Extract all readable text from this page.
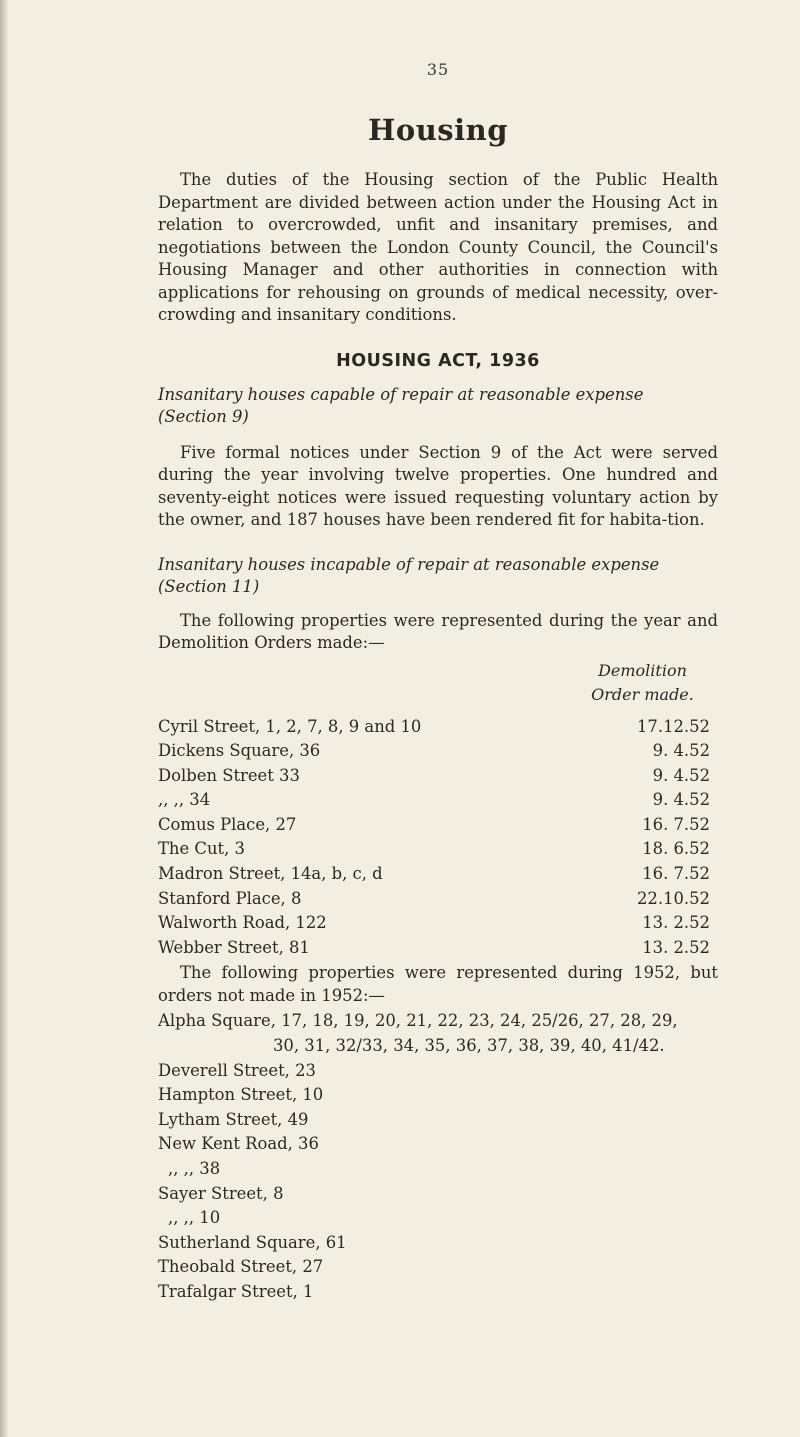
35
Housing

The duties of the Housing section of the Public Health Department are divided between action under the Housing Act in relation to overcrowded, unfit and insanitary premises, and negotiations between the London County Council, the Council's Housing Manager and other authorities in connection with applications for rehousing on grounds of medical necessity, over-crowding and insanitary conditions.

HOUSING ACT, 1936

Insanitary houses capable of repair at reasonable expense
(Section 9)

Five formal notices under Section 9 of the Act were served during the year involving twelve properties. One hundred and seventy-eight notices were issued requesting voluntary action by the owner, and 187 houses have been rendered fit for habita-tion.

Insanitary houses incapable of repair at reasonable expense
(Section 11)

The following properties were represented during the year and Demolition Orders made:—

Demolition
Order made.
Cyril Street, 1, 2, 7, 8, 9 and 10	17.12.52
Dickens Square, 36	9. 4.52
Dolben Street 33	9. 4.52
,, ,, 34	9. 4.52
Comus Place, 27	16. 7.52
The Cut, 3	18. 6.52
Madron Street, 14a, b, c, d	16. 7.52
Stanford Place, 8	22.10.52
Walworth Road, 122	13. 2.52
Webber Street, 81	13. 2.52

The following properties were represented during 1952, but orders not made in 1952:—

Alpha Square, 17, 18, 19, 20, 21, 22, 23, 24, 25/26, 27, 28, 29,
30, 31, 32/33, 34, 35, 36, 37, 38, 39, 40, 41/42.
Deverell Street, 23
Hampton Street, 10
Lytham Street, 49
New Kent Road, 36
,, ,, 38
Sayer Street, 8
,, ,, 10
Sutherland Square, 61
Theobald Street, 27
Trafalgar Street, 1
